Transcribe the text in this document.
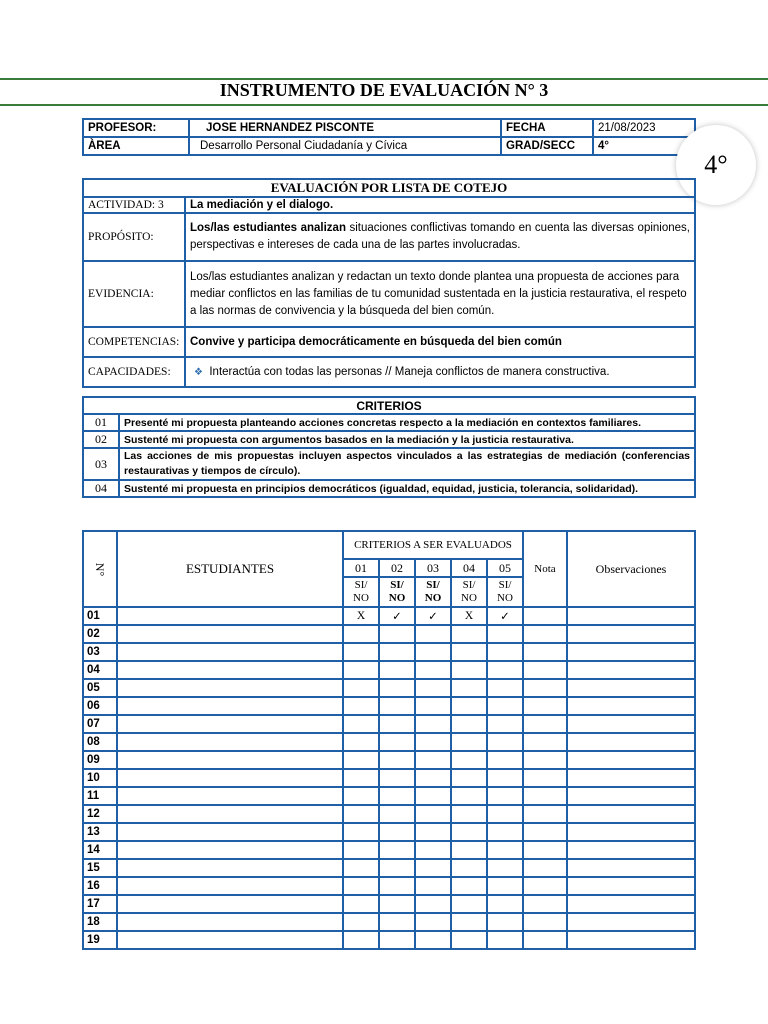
INSTRUMENTO DE EVALUACIÓN N° 3
PROFESOR:	JOSE HERNANDEZ PISCONTE	FECHA	21/08/2023
ÀREA	Desarrollo Personal Ciudadanía y Cívica	GRAD/SECC	4°
4°
EVALUACIÓN POR LISTA DE COTEJO	
ACTIVIDAD: 3	La mediación y el dialogo.
PROPÓSITO:	Los/las estudiantes analizan situaciones conflictivas tomando en cuenta las diversas opiniones, perspectivas e intereses de cada una de las partes involucradas.
EVIDENCIA:	Los/las estudiantes analizan y redactan un texto donde plantea una propuesta de acciones para mediar conflictos en las familias de tu comunidad sustentada en la justicia restaurativa, el respeto a las normas de convivencia y la búsqueda del bien común.
COMPETENCIAS:	Convive y participa democráticamente en búsqueda del bien común
CAPACIDADES:	❖ Interactúa con todas las personas // Maneja conflictos de manera constructiva.
CRITERIOS	
01	Presenté mi propuesta planteando acciones concretas respecto a la mediación en contextos familiares.
02	Sustenté mi propuesta con argumentos basados en la mediación y la justicia restaurativa.
03	Las acciones de mis propuestas incluyen aspectos vinculados a las estrategias de mediación (conferencias restaurativas y tiempos de círculo).
04	Sustenté mi propuesta en principios democráticos (igualdad, equidad, justicia, tolerancia, solidaridad).
N°	ESTUDIANTES	CRITERIOS A SER EVALUADOS					Nota	Observaciones
		01	02	03	04	05		
		SI/ NO	SI/ NO	SI/ NO	SI/ NO	SI/ NO		
01		X	✓	✓	X	✓		
02								
03								
04								
05								
06								
07								
08								
09								
10								
11								
12								
13								
14								
15								
16								
17								
18								
19								
